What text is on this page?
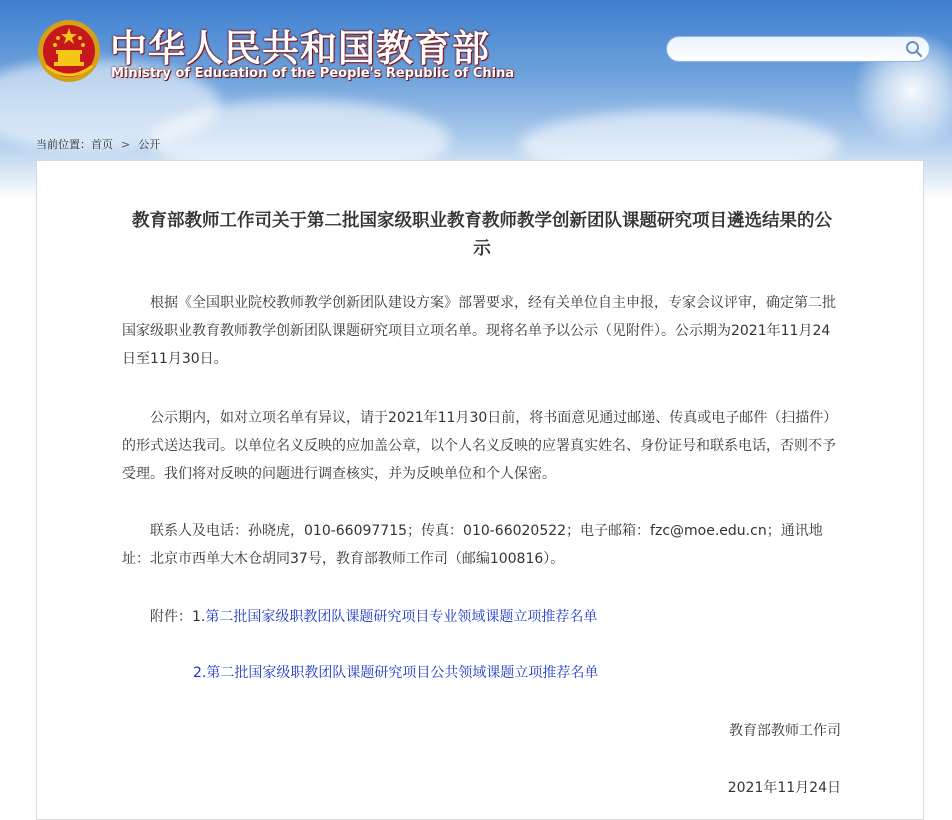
中华人民共和国教育部
Ministry of Education of the People's Republic of China
当前位置：首页 > 公开
教育部教师工作司关于第二批国家级职业教育教师教学创新团队课题研究项目遴选结果的公示

根据《全国职业院校教师教学创新团队建设方案》部署要求，经有关单位自主申报，专家会议评审，确定第二批国家级职业教育教师教学创新团队课题研究项目立项名单。现将名单予以公示（见附件）。公示期为2021年11月24日至11月30日。

公示期内，如对立项名单有异议，请于2021年11月30日前，将书面意见通过邮递、传真或电子邮件（扫描件）的形式送达我司。以单位名义反映的应加盖公章，以个人名义反映的应署真实姓名、身份证号和联系电话，否则不予受理。我们将对反映的问题进行调查核实，并为反映单位和个人保密。

联系人及电话：孙晓虎，010-66097715；传真：010-66020522；电子邮箱：fzc@moe.edu.cn；通讯地址：北京市西单大木仓胡同37号，教育部教师工作司（邮编100816）。

附件：1.第二批国家级职教团队课题研究项目专业领域课题立项推荐名单
2.第二批国家级职教团队课题研究项目公共领域课题立项推荐名单
教育部教师工作司
2021年11月24日
